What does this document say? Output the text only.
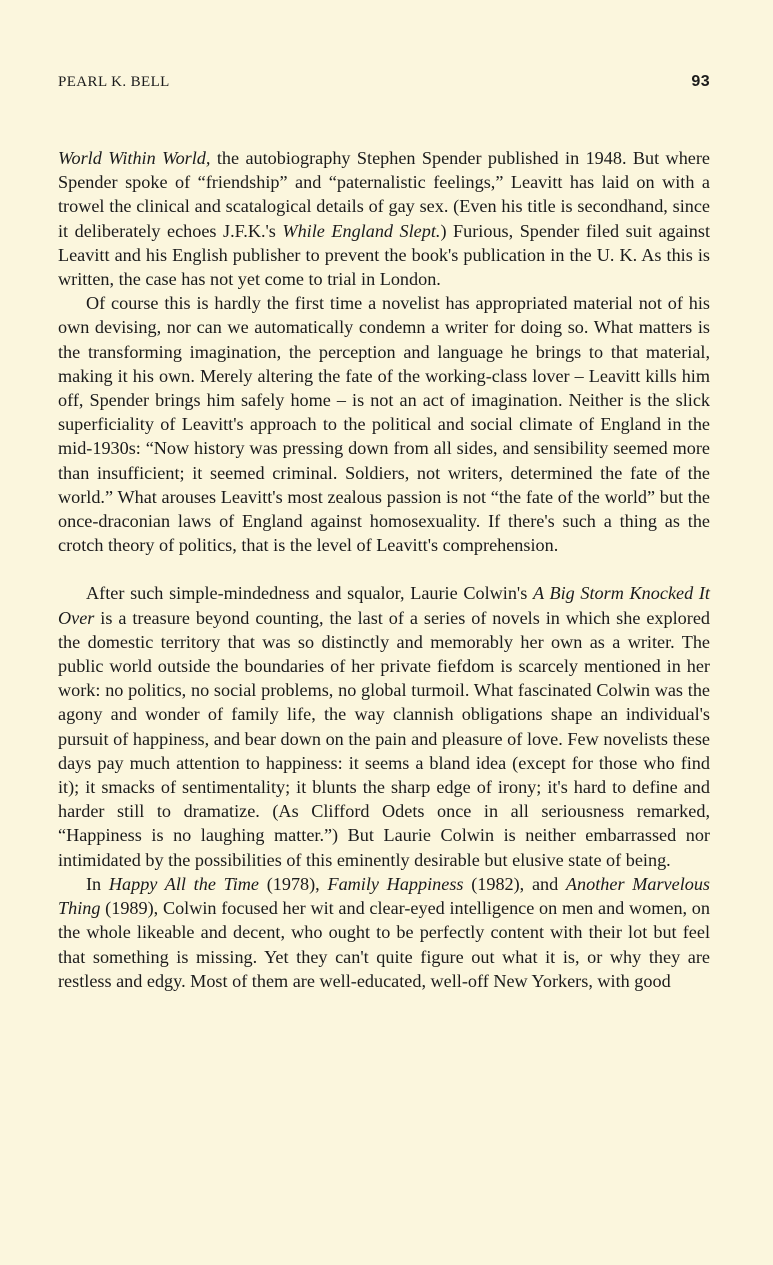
PEARL K. BELL	93

World Within World, the autobiography Stephen Spender published in 1948. But where Spender spoke of “friendship” and “paternalistic feelings,” Leavitt has laid on with a trowel the clinical and scatalogical details of gay sex. (Even his title is secondhand, since it deliberately echoes J.F.K.'s While England Slept.) Furious, Spender filed suit against Leavitt and his English publisher to prevent the book's publication in the U. K. As this is written, the case has not yet come to trial in London.

Of course this is hardly the first time a novelist has appropriated material not of his own devising, nor can we automatically condemn a writer for doing so. What matters is the transforming imagination, the perception and language he brings to that material, making it his own. Merely altering the fate of the working-class lover – Leavitt kills him off, Spender brings him safely home – is not an act of imagination. Neither is the slick superficiality of Leavitt's approach to the political and social climate of England in the mid-1930s: “Now history was pressing down from all sides, and sensibility seemed more than insufficient; it seemed criminal. Soldiers, not writers, determined the fate of the world.” What arouses Leavitt's most zealous passion is not “the fate of the world” but the once-draconian laws of England against homosexuality. If there's such a thing as the crotch theory of politics, that is the level of Leavitt's comprehension.

After such simple-mindedness and squalor, Laurie Colwin's A Big Storm Knocked It Over is a treasure beyond counting, the last of a series of novels in which she explored the domestic territory that was so distinctly and memorably her own as a writer. The public world outside the boundaries of her private fiefdom is scarcely mentioned in her work: no politics, no social problems, no global turmoil. What fascinated Colwin was the agony and wonder of family life, the way clannish obligations shape an individual's pursuit of happiness, and bear down on the pain and pleasure of love. Few novelists these days pay much attention to happiness: it seems a bland idea (except for those who find it); it smacks of sentimentality; it blunts the sharp edge of irony; it's hard to define and harder still to dramatize. (As Clifford Odets once in all seriousness remarked, “Happiness is no laughing matter.”) But Laurie Colwin is neither embarrassed nor intimidated by the possibilities of this eminently desirable but elusive state of being.

In Happy All the Time (1978), Family Happiness (1982), and Another Marvelous Thing (1989), Colwin focused her wit and clear-eyed intelligence on men and women, on the whole likeable and decent, who ought to be perfectly content with their lot but feel that something is missing. Yet they can't quite figure out what it is, or why they are restless and edgy. Most of them are well-educated, well-off New Yorkers, with good
